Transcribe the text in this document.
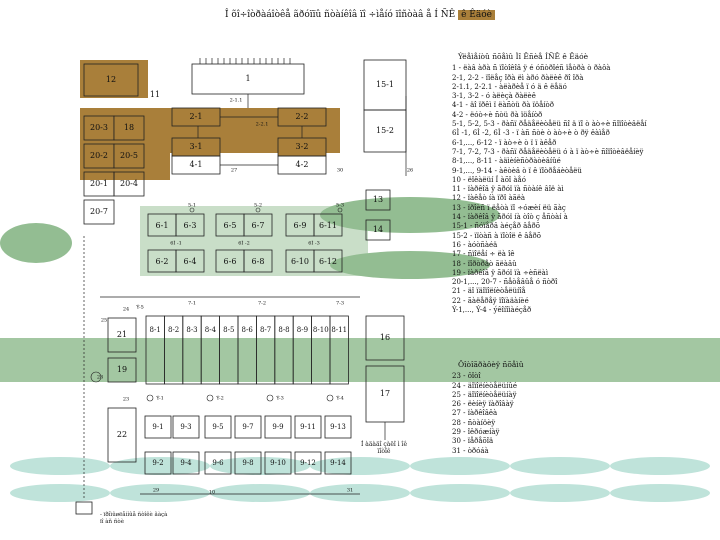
Î õî÷îòðàáîòêå ãðóïïû ñòàíêîâ ïî ÷ìåíó ïîñòàâ å Í ÑÊ ê Êäóè
12	1
11
15-1
15-2
2-1	2-2
2-1.1
2-2.1
3-1	3-2
4-1	4-2
27	30	26
20-3 18
20-2 20-5
20-1 20-4
20-7
13
14
16
17
21
19
22
5-1	5-2	5-3
6-1
6-2
6-3
6-4
6-5
6-6
6-7
6-8
6-9
6-10
6-11
6-12
6Ì -1	6Ì -2	6Ì -3
7-1	7-2	7-3
Ý-5
8-1 8-2 8-3 8-4 8-5 8-6 8-7 8-8 8-9 8-10 8-11
Ý-1	Ý-2	Ý-3	Ý-4
9-1
9-2
9-3
9-4
9-5
9-6
9-7
9-8
9-9
9-10
9-11
9-12
9-13
9-14
23
25
24
28
10
29	31
Ýëåìåíòû ñõåìû Ìî Êñèå ÍÑÊ ê Êäóè
1 - ëàâ àðà ñ ïîòîêîâ ÿ é óñòðîéñ ïåòðà ò ðàôà
2-1, 2-2 - ïîëåç îðà ëì àðó ðàëèê ðî îðà
2-1.1, 2-2.1 - àëàðèå ï ó ä ê ëåäó
3-1, 3-2 - ó àëèçà ðàëèê
4-1 - äî ïðêì ï ëàñòü ðà ïöåíòð
4-2 - ëóò÷è ñòü ðà ïöåíòð
5-1, 5-2, 5-3 - ðàñï ðåäåëèòåëü ñî ä ïî ò àò÷è ñîïîòèâëåí
6Ì -1, 6Ì -2, 6Ì -3 - ï àñ ñòè ò àò÷è ò ðÿ êàìåð
6-1,..., 6-12 - ï àò÷è ò ï ï àêåð
7-1, 7-2, 7-3 - ðàñï ðåäåëèòåëü ó à ï àò÷è ñîïîòèâëåíèÿ
8-1,..., 8-11 - àäìèíèñòðàòèâíûé
9-1,..., 9-14 - àêòèâ ò ï ê ïîòðåáèòåëü
10 - ëîêàëüí Í àõî àåó
11 - ïàðêîâ ÿ ãðóï ïà ñòàíê âîë àì
12 - ïàêåò íà ïðî àãëà
13 - ïðîèñ ï ëåòà ïî ÷óæèí ëü ãàç
14 - ïàðêîâ ÿ ãðóï íà òîò ç åñòàí à
15-1 - ñóïåðâ àéçåð âåðõ
15-2 - ïïòàñ à ïîòîë ê âåðõ
16 - àóòñàéä
17 - ñïîëåí ÷ ëà îê
18 - ïîðòðåò ãëàâû
19 - ïàðêîâ ÿ ãðóï ïà ÷èñëàì
20-1,..., 20-7 - ñåòåâûå ó ñòðî
21 - äî ïäîïîëíèòåëüíîå
22 - ãàëåðåÿ ïîïàäàíèé
Ý-1,..., Ý-4 - ýêîíîìàéçåð
Ôîòîãðàôèÿ ñõåìû
23 - ôîòî
24 - äîïîëíèòåëüíûé
25 - äîïîëíèòåëüíàÿ
26 - ëèíèÿ ïàðîâàÿ
27 - ïàðêîâêà
28 - ñòàíöèÿ
29 - îêðóæíàÿ
30 - ïåðåõîä
31 - òðóáà
Í àäàäî çàëî ì îê ïîòîê
- ïðîìûøëåííûå ñòîêè ãàçà ïî àñ ñòè
